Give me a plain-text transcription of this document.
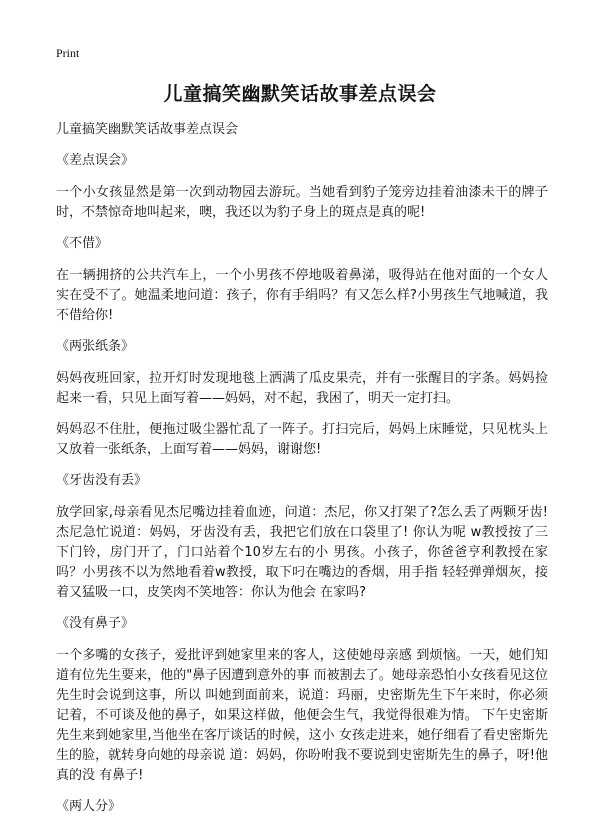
Print
儿童搞笑幽默笑话故事差点误会
儿童搞笑幽默笑话故事差点误会
《差点误会》
一个小女孩显然是第一次到动物园去游玩。当她看到豹子笼旁边挂着油漆未干的牌子时，不禁惊奇地叫起来，噢，我还以为豹子身上的斑点是真的呢!
《不借》
在一辆拥挤的公共汽车上，一个小男孩不停地吸着鼻涕，吸得站在他对面的一个女人实在受不了。她温柔地问道：孩子，你有手绢吗？有又怎么样?小男孩生气地喊道，我不借给你!
《两张纸条》
妈妈夜班回家，拉开灯时发现地毯上洒满了瓜皮果壳，并有一张醒目的字条。妈妈捡起来一看，只见上面写着——妈妈，对不起，我困了，明天一定打扫。
妈妈忍不住肚，便拖过吸尘器忙乱了一阵子。打扫完后，妈妈上床睡觉，只见枕头上又放着一张纸条，上面写着——妈妈，谢谢您!
《牙齿没有丢》
放学回家,母亲看见杰尼嘴边挂着血迹，问道：杰尼，你又打架了?怎么丢了两颗牙齿! 杰尼急忙说道：妈妈，牙齿没有丢，我把它们放在口袋里了! 你认为呢 w教授按了三下门铃，房门开了，门口站着个10岁左右的小 男孩。小孩子，你爸爸亨利教授在家吗？小男孩不以为然地看着w教授，取下叼在嘴边的香烟，用手指 轻轻弹弹烟灰，接着又猛吸一口，皮笑肉不笑地答：你认为他会 在家吗?
《没有鼻子》
一个多嘴的女孩子，爱批评到她家里来的客人，这使她母亲感 到烦恼。一天，她们知道有位先生要来，他的"鼻子因遭到意外的事 而被割去了。她母亲恐怕小女孩看见这位先生时会说到这事，所以 叫她到面前来，说道：玛丽，史密斯先生下午来时，你必须记着，不可谈及他的鼻子，如果这样做，他便会生气，我觉得很难为情。 下午史密斯先生来到她家里,当他坐在客厅谈话的时候，这小 女孩走进来，她仔细看了看史密斯先生的脸，就转身向她的母亲说 道：妈妈，你吩咐我不要说到史密斯先生的鼻子，呀!他真的没 有鼻子!
《两人分》
